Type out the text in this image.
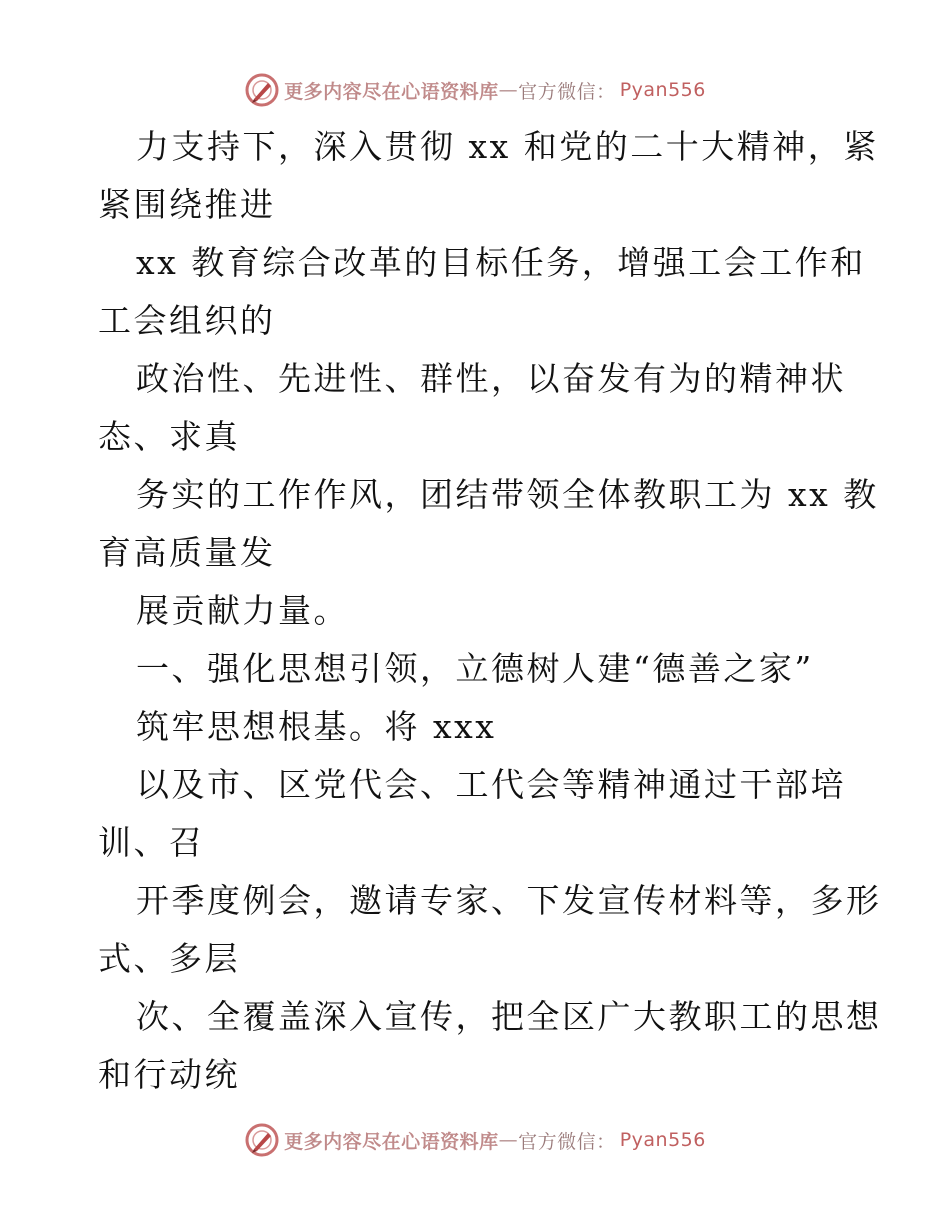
更多内容尽在心语资料库 — 官方微信： Pyan556
力支持下，深入贯彻 xx 和党的二十大精神，紧
紧围绕推进
xx 教育综合改革的目标任务，增强工会工作和
工会组织的
政治性、先进性、群性，以奋发有为的精神状
态、求真
务实的工作作风，团结带领全体教职工为 xx 教
育高质量发
展贡献力量。
一、强化思想引领，立德树人建“德善之家”
筑牢思想根基。将 xxx
以及市、区党代会、工代会等精神通过干部培
训、召
开季度例会，邀请专家、下发宣传材料等，多形
式、多层
次、全覆盖深入宣传，把全区广大教职工的思想
和行动统
更多内容尽在心语资料库 — 官方微信： Pyan556
